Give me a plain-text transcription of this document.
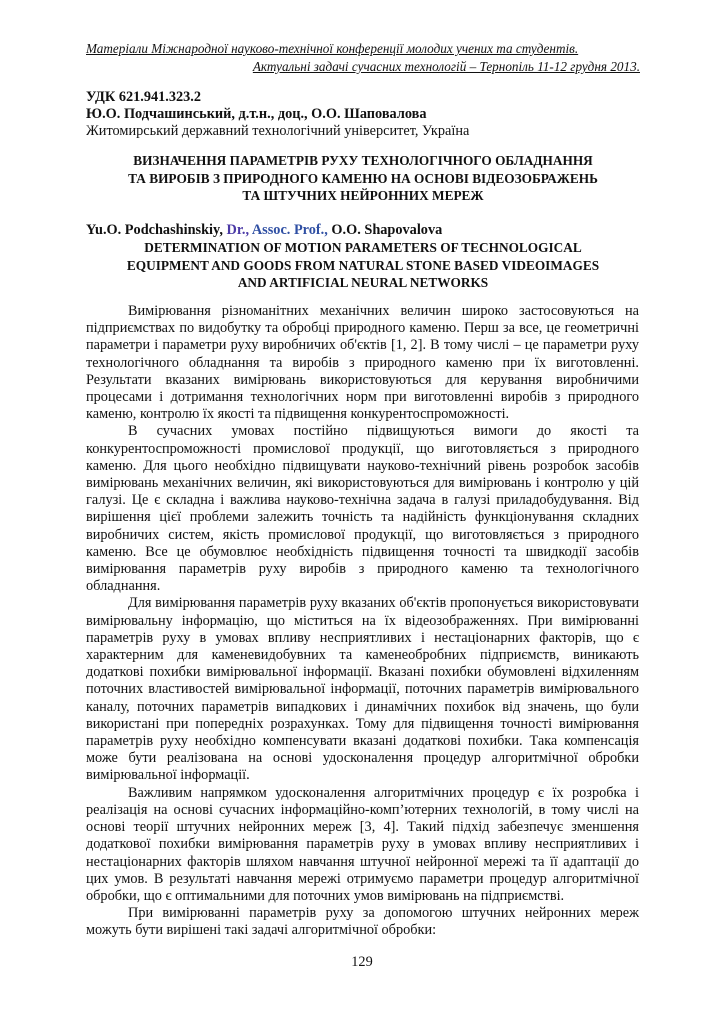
Матеріали Міжнародної науково-технічної конференції молодих учених та студентів.
Актуальні задачі сучасних технологій – Тернопіль 11-12 грудня 2013.
УДК 621.941.323.2
Ю.О. Подчашинський, д.т.н., доц., О.О. Шаповалова
Житомирський державний технологічний університет, Україна
ВИЗНАЧЕННЯ ПАРАМЕТРІВ РУХУ ТЕХНОЛОГІЧНОГО ОБЛАДНАННЯ
ТА ВИРОБІВ З ПРИРОДНОГО КАМЕНЮ НА ОСНОВІ ВІДЕОЗОБРАЖЕНЬ
ТА ШТУЧНИХ НЕЙРОННИХ МЕРЕЖ
Yu.O. Podchashinskiy, Dr., Assoc. Prof., O.O. Shapovalova
DETERMINATION OF MOTION PARAMETERS OF TECHNOLOGICAL
EQUIPMENT AND GOODS FROM NATURAL STONE BASED VIDEOIMAGES
AND ARTIFICIAL NEURAL NETWORKS

Вимірювання різноманітних механічних величин широко застосовуються на підприємствах по видобутку та обробці природного каменю. Перш за все, це геометричні параметри і параметри руху виробничих об'єктів [1, 2]. В тому числі – це параметри руху технологічного обладнання та виробів з природного каменю при їх виготовленні. Результати вказаних вимірювань використовуються для керування виробничими процесами і дотримання технологічних норм при виготовленні виробів з природного каменю, контролю їх якості та підвищення конкурентоспроможності.

В сучасних умовах постійно підвищуються вимоги до якості та конкурентоспроможності промислової продукції, що виготовляється з природного каменю. Для цього необхідно підвищувати науково-технічний рівень розробок засобів вимірювань механічних величин, які використовуються для вимірювань і контролю у цій галузі. Це є складна і важлива науково-технічна задача в галузі приладобудування. Від вирішення цієї проблеми залежить точність та надійність функціонування складних виробничих систем, якість промислової продукції, що виготовляється з природного каменю. Все це обумовлює необхідність підвищення точності та швидкодії засобів вимірювання параметрів руху виробів з природного каменю та технологічного обладнання.

Для вимірювання параметрів руху вказаних об'єктів пропонується використовувати вимірювальну інформацію, що міститься на їх відеозображеннях. При вимірюванні параметрів руху в умовах впливу несприятливих і нестаціонарних факторів, що є характерним для каменевидобувних та каменеобробних підприємств, виникають додаткові похибки вимірювальної інформації. Вказані похибки обумовлені відхиленням поточних властивостей вимірювальної інформації, поточних параметрів вимірювального каналу, поточних параметрів випадкових і динамічних похибок від значень, що були використані при попередніх розрахунках. Тому для підвищення точності вимірювання параметрів руху необхідно компенсувати вказані додаткові похибки. Така компенсація може бути реалізована на основі удосконалення процедур алгоритмічної обробки вимірювальної інформації.

Важливим напрямком удосконалення алгоритмічних процедур є їх розробка і реалізація на основі сучасних інформаційно-комп’ютерних технологій, в тому числі на основі теорії штучних нейронних мереж [3, 4]. Такий підхід забезпечує зменшення додаткової похибки вимірювання параметрів руху в умовах впливу несприятливих і нестаціонарних факторів шляхом навчання штучної нейронної мережі та її адаптації до цих умов. В результаті навчання мережі отримуємо параметри процедур алгоритмічної обробки, що є оптимальними для поточних умов вимірювань на підприємстві.

При вимірюванні параметрів руху за допомогою штучних нейронних мереж можуть бути вирішені такі задачі алгоритмічної обробки:

129
